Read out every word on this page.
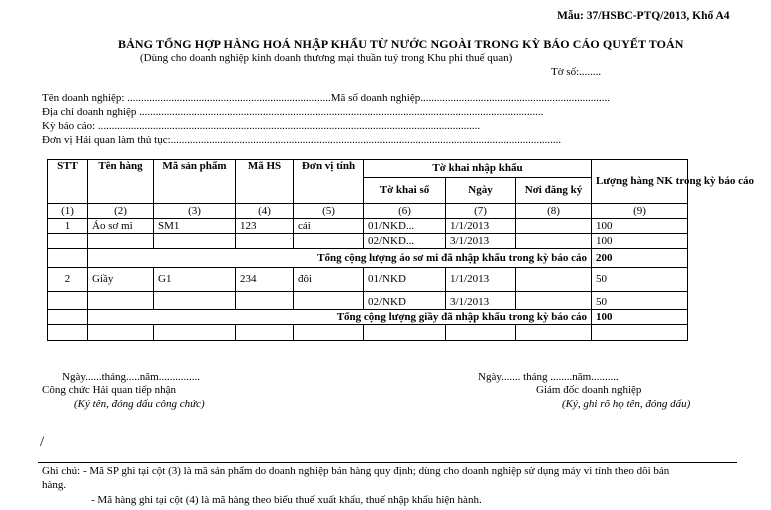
Mẫu: 37/HSBC-PTQ/2013, Khổ A4
BẢNG TỔNG HỢP HÀNG HOÁ NHẬP KHẨU TỪ NƯỚC NGOÀI TRONG KỲ BÁO CÁO QUYẾT TOÁN
(Dùng cho doanh nghiệp kinh doanh thương mại thuần tuý trong Khu phi thuế quan)
Tờ số:........
Tên doanh nghiệp: ..........................................................................Mã số doanh nghiệp.....................................................................
Địa chỉ doanh nghiệp ...................................................................................................................................................
Kỳ báo cáo: ...........................................................................................................................................
Đơn vị Hải quan làm thủ tục:..............................................................................................................................................
STT	Tên hàng	Mã sản phẩm	Mã HS	Đơn vị tính	Tờ khai nhập khẩu			Lượng hàng NK trong kỳ báo cáo
					Tờ khai số	Ngày	Nơi đăng ký	
(1)	(2)	(3)	(4)	(5)	(6)	(7)	(8)	(9)
1	Áo sơ mi	SM1	123	cái	01/NKD...	1/1/2013		100
					02/NKD...	3/1/2013		100
	Tổng cộng lượng áo sơ mi đã nhập khẩu trong kỳ báo cáo							200
2	Giầy	G1	234	đôi	01/NKD	1/1/2013		50
					02/NKD	3/1/2013		50
	Tổng cộng lượng giầy đã nhập khẩu trong kỳ báo cáo							100

Ngày......tháng.....năm...............
Công chức Hải quan tiếp nhận
(Ký tên, đóng dấu công chức)
Ngày....... tháng ........năm..........
Giám đốc doanh nghiệp
(Ký, ghi rõ họ tên, đóng dấu)
/
Ghi chú: - Mã SP ghi tại cột (3) là mã sản phẩm do doanh nghiệp bán hàng quy định; dùng cho doanh nghiệp sử dụng máy vi tính theo dõi bán
hàng.
- Mã hàng ghi tại cột (4) là mã hàng theo biểu thuế xuất khẩu, thuế nhập khẩu hiện hành.
